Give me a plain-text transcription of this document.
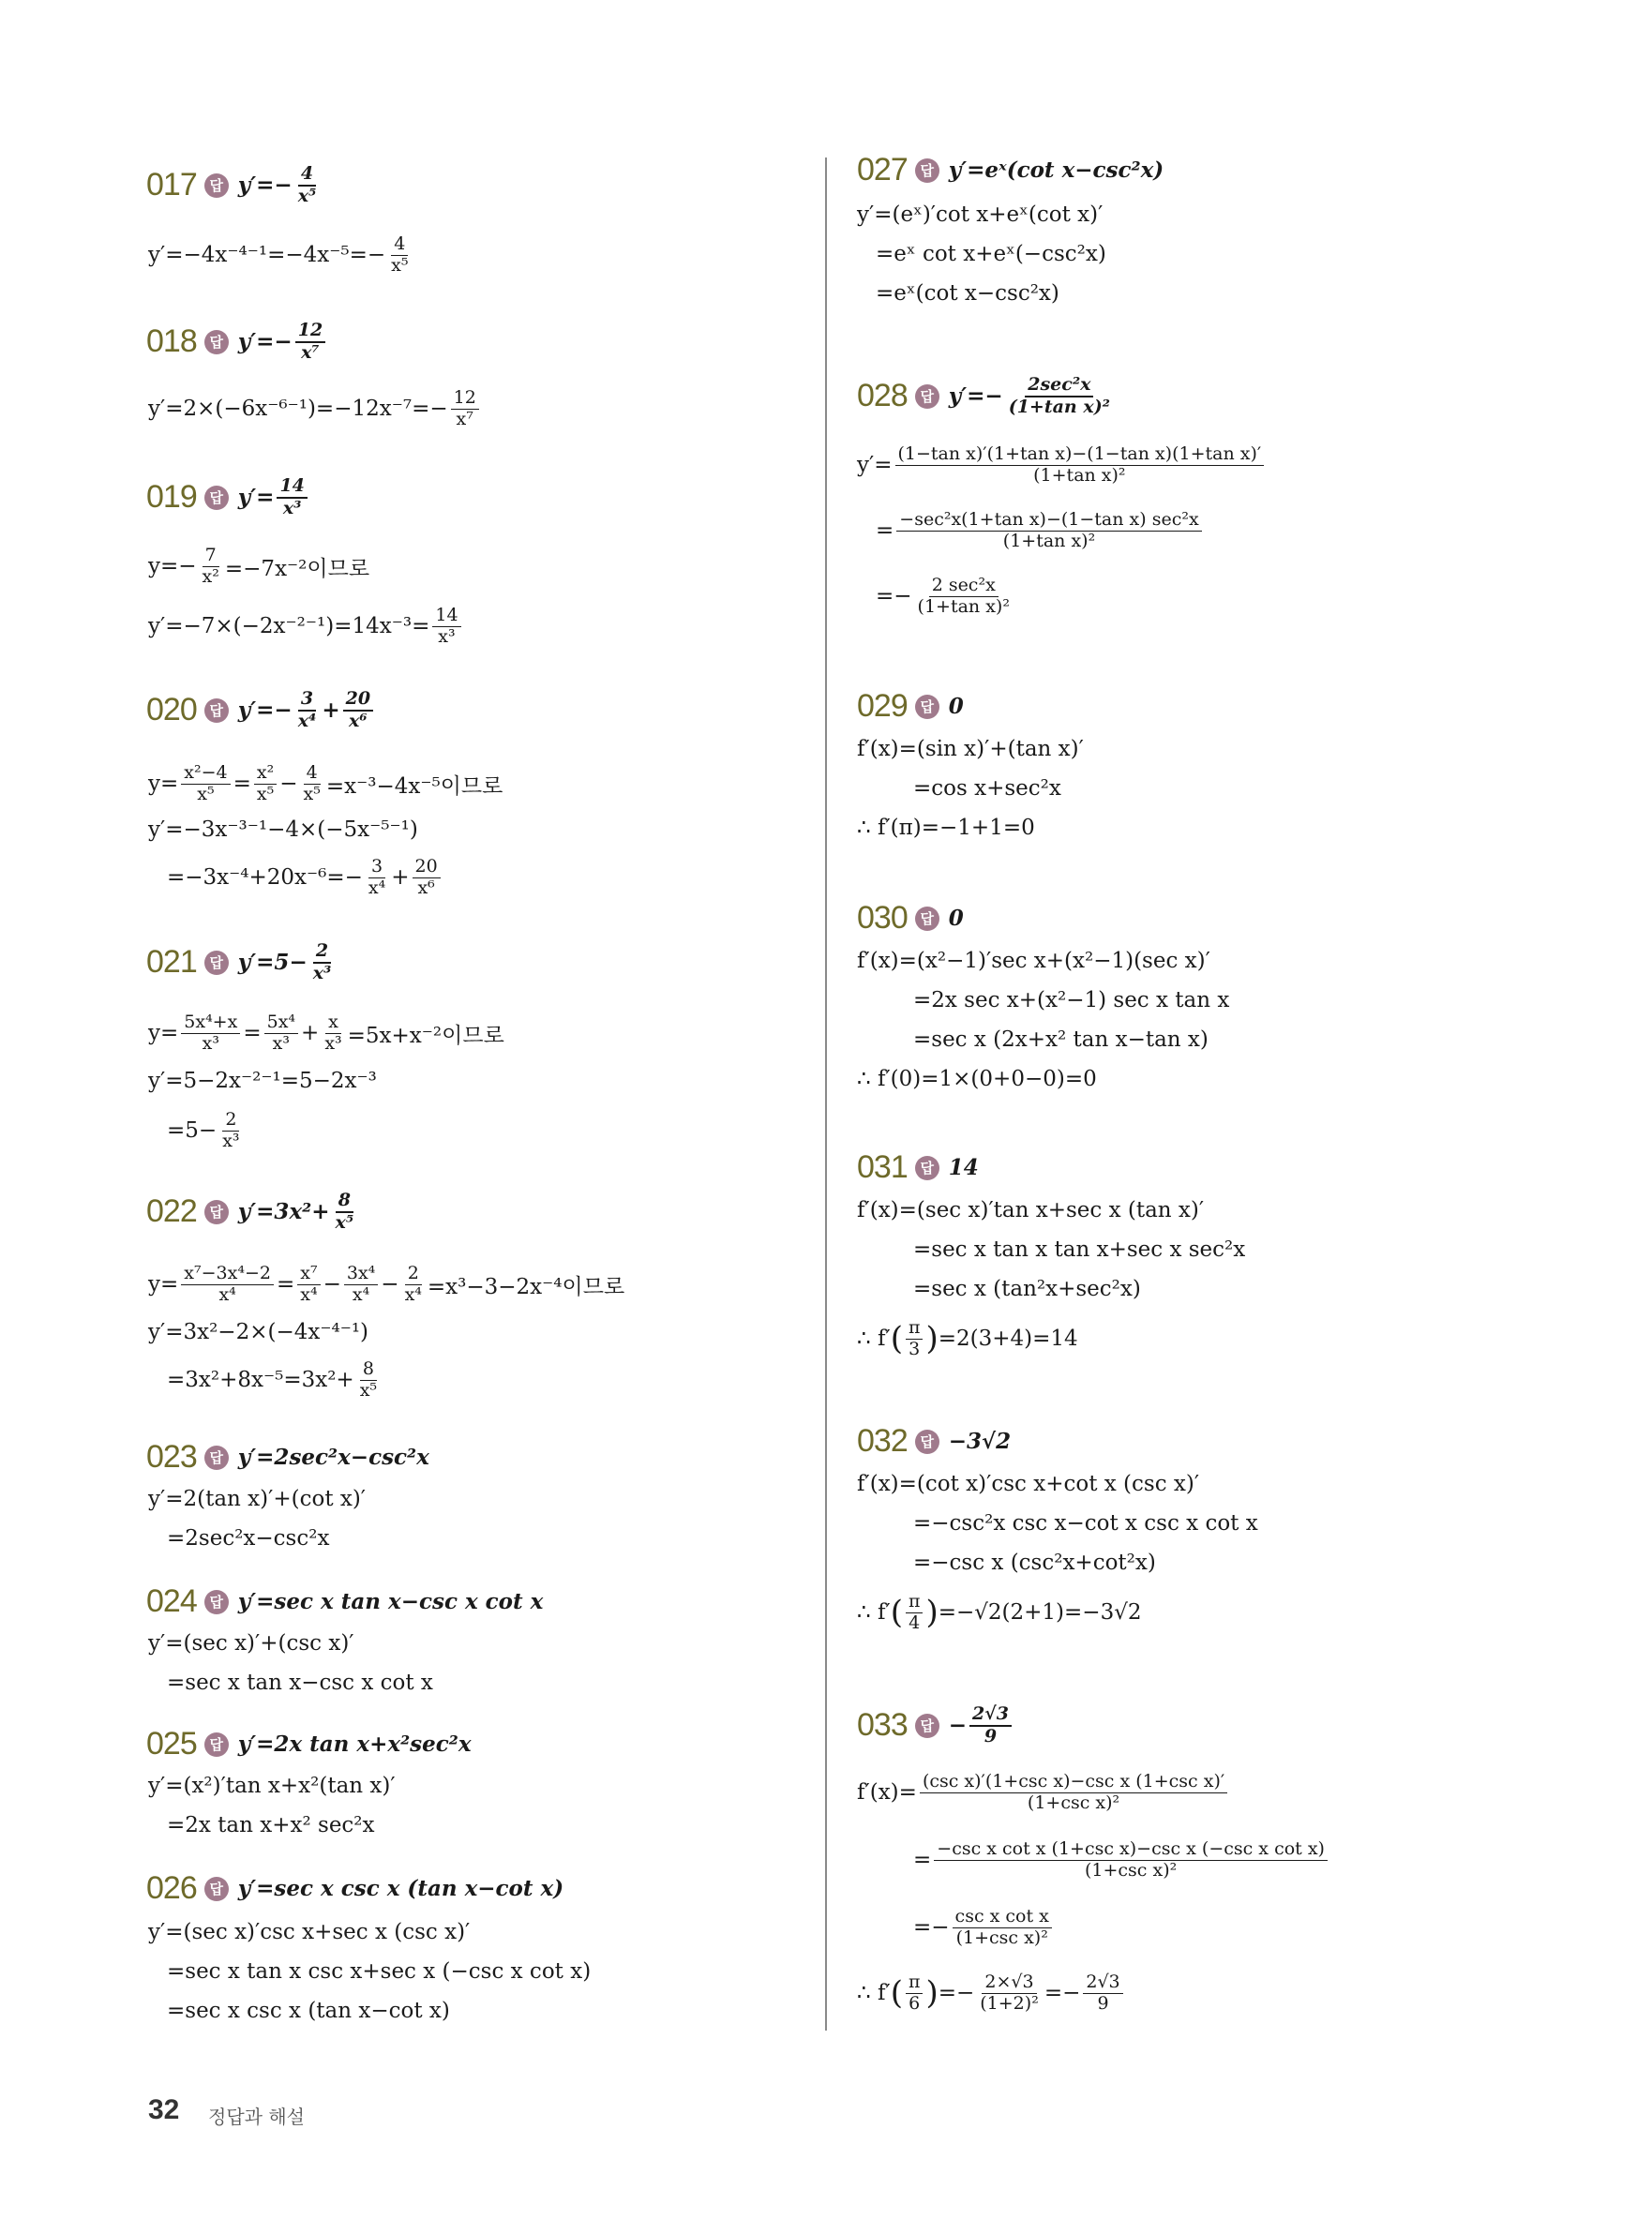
017 답 $y'=- \frac{4}{\text{x⁵}}$
$y'=-4x^{-4-1}=-4x^{-5}=- \frac{4}{\text{x⁵}}$
018 답 $y'=- \frac{12}{\text{x⁷}}$
$y'=2\times(-6x^{-6-1})=-12x^{-7}=- \frac{12}{\text{x⁷}}$
019 답 $y'= \frac{14}{\text{x³}}$
$y=- \frac{7}{\text{x²}} =-7x^{-2}$이므로
$y'=-7\times(-2x^{-2-1})=14x^{-3}= \frac{14}{\text{x³}}$
020 답 $y'=- \frac{3}{\text{x⁴}} + \frac{20}{\text{x⁶}}$
$y= \frac{\text{x²−4}}{\text{x⁵}} = \frac{\text{x²}}{\text{x⁵}} - \frac{4}{\text{x⁵}} =x^{-3}-4x^{-5}$이므로
y′=−3x⁻³⁻¹−4×(−5x⁻⁵⁻¹)
$=-3x^{-4}+20x^{-6}=- \frac{3}{\text{x⁴}} + \frac{20}{\text{x⁶}}$
021 답 $y'=5- \frac{2}{\text{x³}}$
$y= \frac{\text{5x⁴+x}}{\text{x³}} = \frac{\text{5x⁴}}{\text{x³}} + \frac{x}{\text{x³}} =5x+x^{-2}$이므로
y′=5−2x⁻²⁻¹=5−2x⁻³
$=5- \frac{2}{\text{x³}}$
022 답 $y'=3x^2+ \frac{8}{\text{x⁵}}$
$y= \frac{\text{x⁷−3x⁴−2}}{\text{x⁴}} = \frac{\text{x⁷}}{\text{x⁴}} - \frac{\text{3x⁴}}{\text{x⁴}} - \frac{2}{\text{x⁴}} =x^3-3-2x^{-4}$이므로
y′=3x²−2×(−4x⁻⁴⁻¹)
$=3x^2+8x^{-5}=3x^2+ \frac{8}{\text{x⁵}}$
023 답 y′=2sec²x−csc²x
y′=2(tan x)′+(cot x)′
=2sec²x−csc²x
024 답 y′=sec x tan x−csc x cot x
y′=(sec x)′+(csc x)′
=sec x tan x−csc x cot x
025 답 y′=2x tan x+x²sec²x
y′=(x²)′tan x+x²(tan x)′
=2x tan x+x² sec²x
026 답 y′=sec x csc x (tan x−cot x)
y′=(sec x)′csc x+sec x (csc x)′
=sec x tan x csc x+sec x (−csc x cot x)
=sec x csc x (tan x−cot x)
027 답 y′=eˣ(cot x−csc²x)
y′=(eˣ)′cot x+eˣ(cot x)′
=eˣ cot x+eˣ(−csc²x)
=eˣ(cot x−csc²x)
028 답 $y'=- \frac{\text{2sec²x}}{\text{(1+tan x)²}}$
$y'= \frac{\text{(1−tan x)′(1+tan x)−(1−tan x)(1+tan x)′}}{\text{(1+tan x)²}}$
= $\frac{\text{−sec²x(1+tan x)−(1−tan x) sec²x}}{\text{(1+tan x)²}}$
=− $\frac{\text{2 sec²x}}{\text{(1+tan x)²}}$
029 답 0
f′(x)=(sin x)′+(tan x)′
=cos x+sec²x
∴ f′(π)=−1+1=0
030 답 0
f′(x)=(x²−1)′sec x+(x²−1)(sec x)′
=2x sec x+(x²−1) sec x tan x
=sec x (2x+x² tan x−tan x)
∴ f′(0)=1×(0+0−0)=0
031 답 14
f′(x)=(sec x)′tan x+sec x (tan x)′
=sec x tan x tan x+sec x sec²x
=sec x (tan²x+sec²x)
∴ f′ ( $\frac{\pi}{3}$ ) =2(3+4)=14
032 답 −3√2
f′(x)=(cot x)′csc x+cot x (csc x)′
=−csc²x csc x−cot x csc x cot x
=−csc x (csc²x+cot²x)
∴ f′ ( $\frac{\pi}{4}$ ) =−√2(2+1)=−3√2
033 답 − $\frac{2√3}{9}$
$f'(x)= \frac{\text{(csc x)′(1+csc x)−csc x (1+csc x)′}}{\text{(1+csc x)²}}$
= $\frac{\text{−csc x cot x (1+csc x)−csc x (−csc x cot x)}}{\text{(1+csc x)²}}$
=− $\frac{\text{csc x cot x}}{\text{(1+csc x)²}}$
∴ f′ ( $\frac{\pi}{6}$ ) =− $\frac{2\times√3}{\text{(1+2)²}} =- \frac{2√3}{9}$
32 정답과 해설
